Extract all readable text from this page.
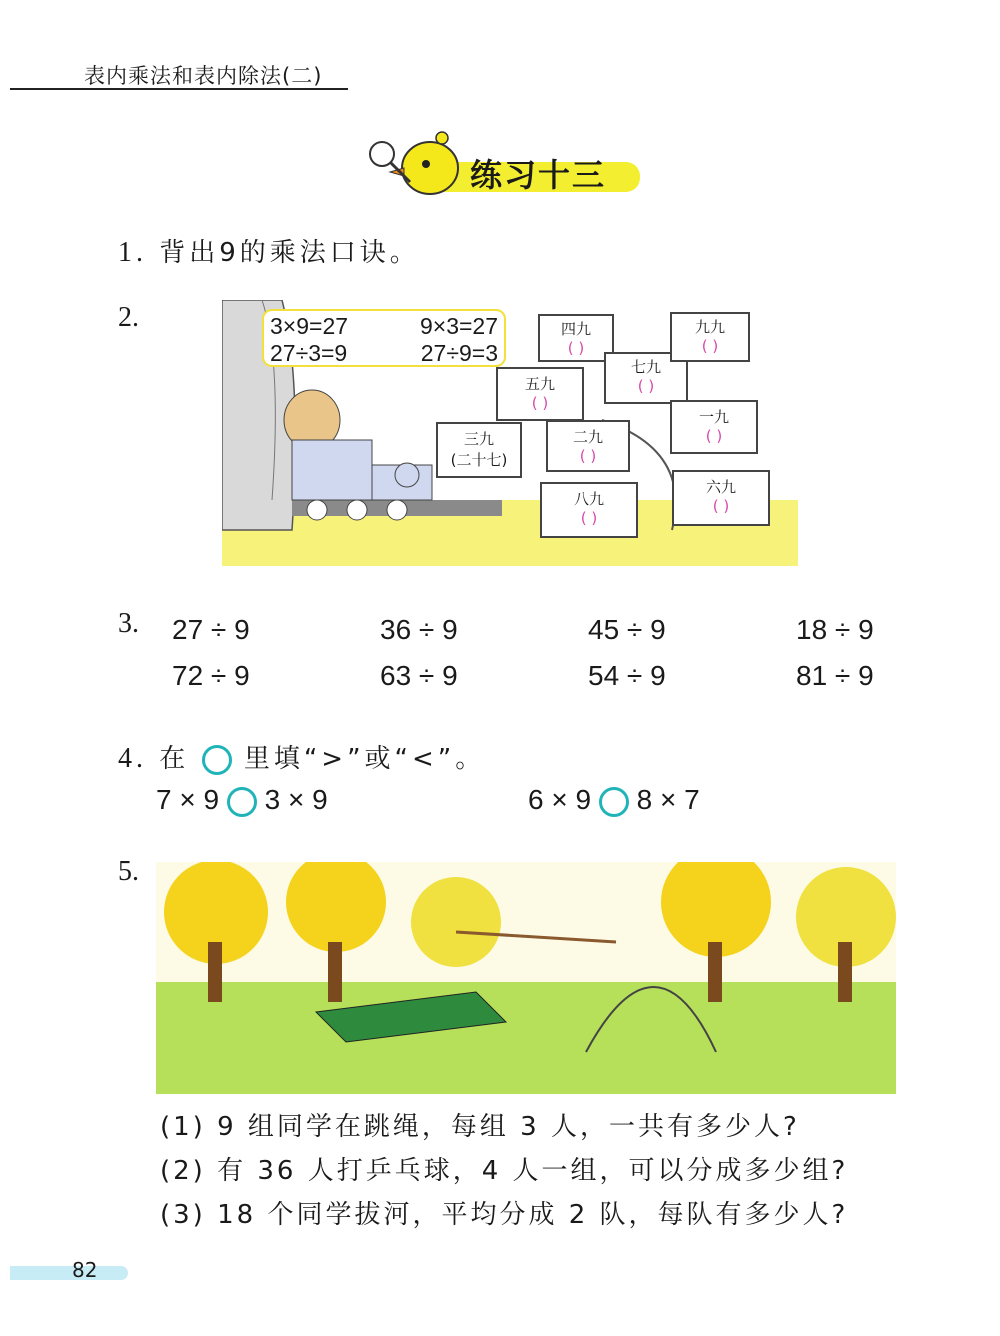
表内乘法和表内除法(二)
练习十三
1. 背出9的乘法口诀。
2.	3×9=27	9×3=27
27÷3=9	27÷9=3
三九
(二十七)
五九
( )
四九
( )
七九
( )
九九
( )
二九
( )
一九
( )
八九
( )
六九
( )
3. 27 ÷ 9	36 ÷ 9	45 ÷ 9	18 ÷ 9
72 ÷ 9	63 ÷ 9	54 ÷ 9	81 ÷ 9
4. 在 里填“>”或“<”。
7 × 9 3 × 9	6 × 9 8 × 7
5.
(1) 9 组同学在跳绳，每组 3 人，一共有多少人?
(2) 有 36 人打乒乓球，4 人一组，可以分成多少组?
(3) 18 个同学拔河，平均分成 2 队，每队有多少人?
82
